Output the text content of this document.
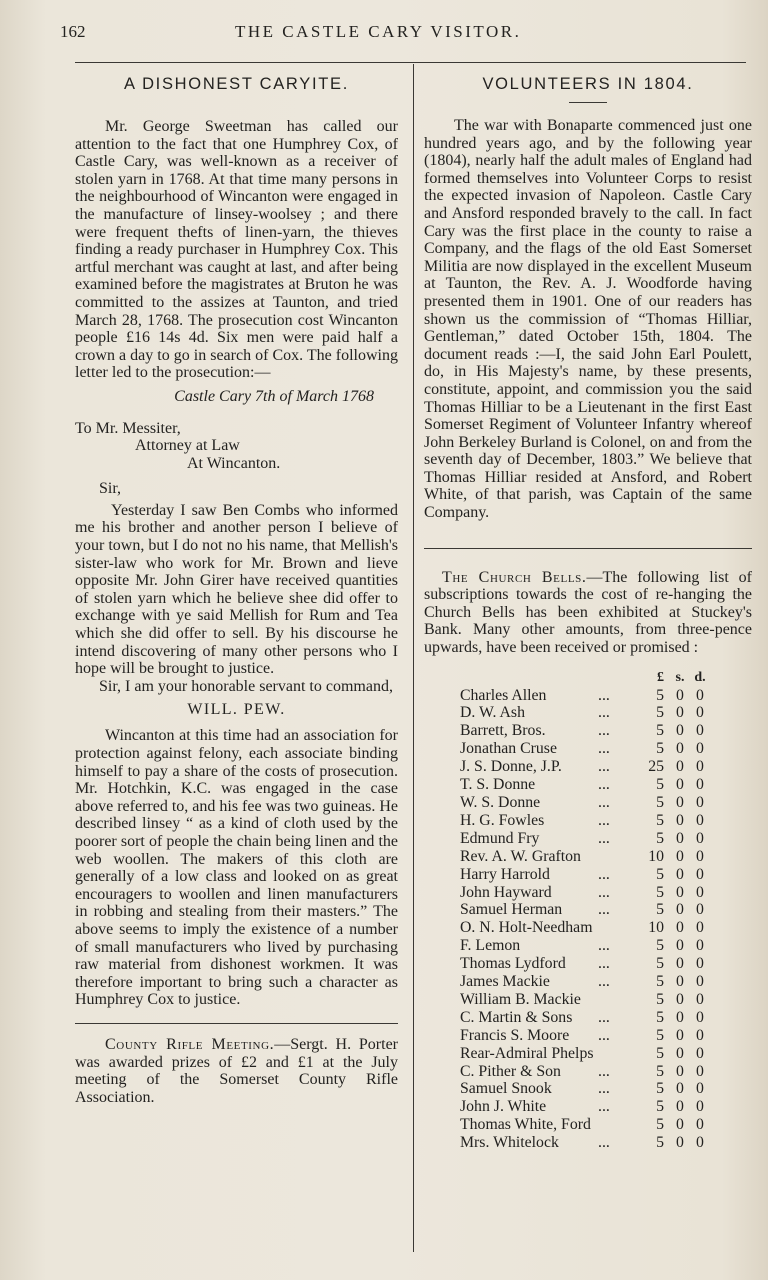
162	THE CASTLE CARY VISITOR.
A DISHONEST CARYITE.

Mr. George Sweetman has called our attention to the fact that one Humphrey Cox, of Castle Cary, was well-known as a receiver of stolen yarn in 1768. At that time many persons in the neighbourhood of Wincanton were engaged in the manufacture of linsey-woolsey ; and there were frequent thefts of linen-yarn, the thieves finding a ready purchaser in Humphrey Cox. This artful merchant was caught at last, and after being examined before the magistrates at Bruton he was committed to the assizes at Taunton, and tried March 28, 1768. The prosecution cost Wincanton people £16 14s 4d. Six men were paid half a crown a day to go in search of Cox. The following letter led to the prosecution:—

Castle Cary 7th of March 1768

To Mr. Messiter,
Attorney at Law
At Wincanton.
Sir,

Yesterday I saw Ben Combs who informed me his brother and another person I believe of your town, but I do not no his name, that Mellish's sister-law who work for Mr. Brown and lieve opposite Mr. John Girer have received quantities of stolen yarn which he believe shee did offer to exchange with ye said Mellish for Rum and Tea which she did offer to sell. By his discourse he intend discovering of many other persons who I hope will be brought to justice.

Sir, I am your honorable servant to command,

WILL. PEW.

Wincanton at this time had an association for protection against felony, each associate binding himself to pay a share of the costs of prosecution. Mr. Hotchkin, K.C. was engaged in the case above referred to, and his fee was two guineas. He described linsey “ as a kind of cloth used by the poorer sort of people the chain being linen and the web woollen. The makers of this cloth are generally of a low class and looked on as great encouragers to woollen and linen manufacturers in robbing and stealing from their masters.” The above seems to imply the existence of a number of small manufacturers who lived by purchasing raw material from dishonest workmen. It was therefore important to bring such a character as Humphrey Cox to justice.

County Rifle Meeting.—Sergt. H. Porter was awarded prizes of £2 and £1 at the July meeting of the Somerset County Rifle Association.

VOLUNTEERS IN 1804.

The war with Bonaparte commenced just one hundred years ago, and by the following year (1804), nearly half the adult males of England had formed themselves into Volunteer Corps to resist the expected invasion of Napoleon. Castle Cary and Ansford responded bravely to the call. In fact Cary was the first place in the county to raise a Company, and the flags of the old East Somerset Militia are now displayed in the excellent Museum at Taunton, the Rev. A. J. Woodforde having presented them in 1901. One of our readers has shown us the commission of “Thomas Hilliar, Gentleman,” dated October 15th, 1804. The document reads :—I, the said John Earl Poulett, do, in His Majesty's name, by these presents, constitute, appoint, and commission you the said Thomas Hilliar to be a Lieutenant in the first East Somerset Regiment of Volunteer Infantry whereof John Berkeley Burland is Colonel, on and from the seventh day of December, 1803.” We believe that Thomas Hilliar resided at Ansford, and Robert White, of that parish, was Captain of the same Company.

The Church Bells.—The following list of subscriptions towards the cost of re-hanging the Church Bells has been exhibited at Stuckey's Bank. Many other amounts, from three-pence upwards, have been received or promised :

		£	s.	d.
Charles Allen	...	5	0	0
D. W. Ash	...	5	0	0
Barrett, Bros.	...	5	0	0
Jonathan Cruse	...	5	0	0
J. S. Donne, J.P.	...	25	0	0
T. S. Donne	...	5	0	0
W. S. Donne	...	5	0	0
H. G. Fowles	...	5	0	0
Edmund Fry	...	5	0	0
Rev. A. W. Grafton		10	0	0
Harry Harrold	...	5	0	0
John Hayward	...	5	0	0
Samuel Herman	...	5	0	0
O. N. Holt-Needham		10	0	0
F. Lemon	...	5	0	0
Thomas Lydford	...	5	0	0
James Mackie	...	5	0	0
William B. Mackie		5	0	0
C. Martin & Sons	...	5	0	0
Francis S. Moore	...	5	0	0
Rear-Admiral Phelps		5	0	0
C. Pither & Son	...	5	0	0
Samuel Snook	...	5	0	0
John J. White	...	5	0	0
Thomas White, Ford		5	0	0
Mrs. Whitelock	...	5	0	0
